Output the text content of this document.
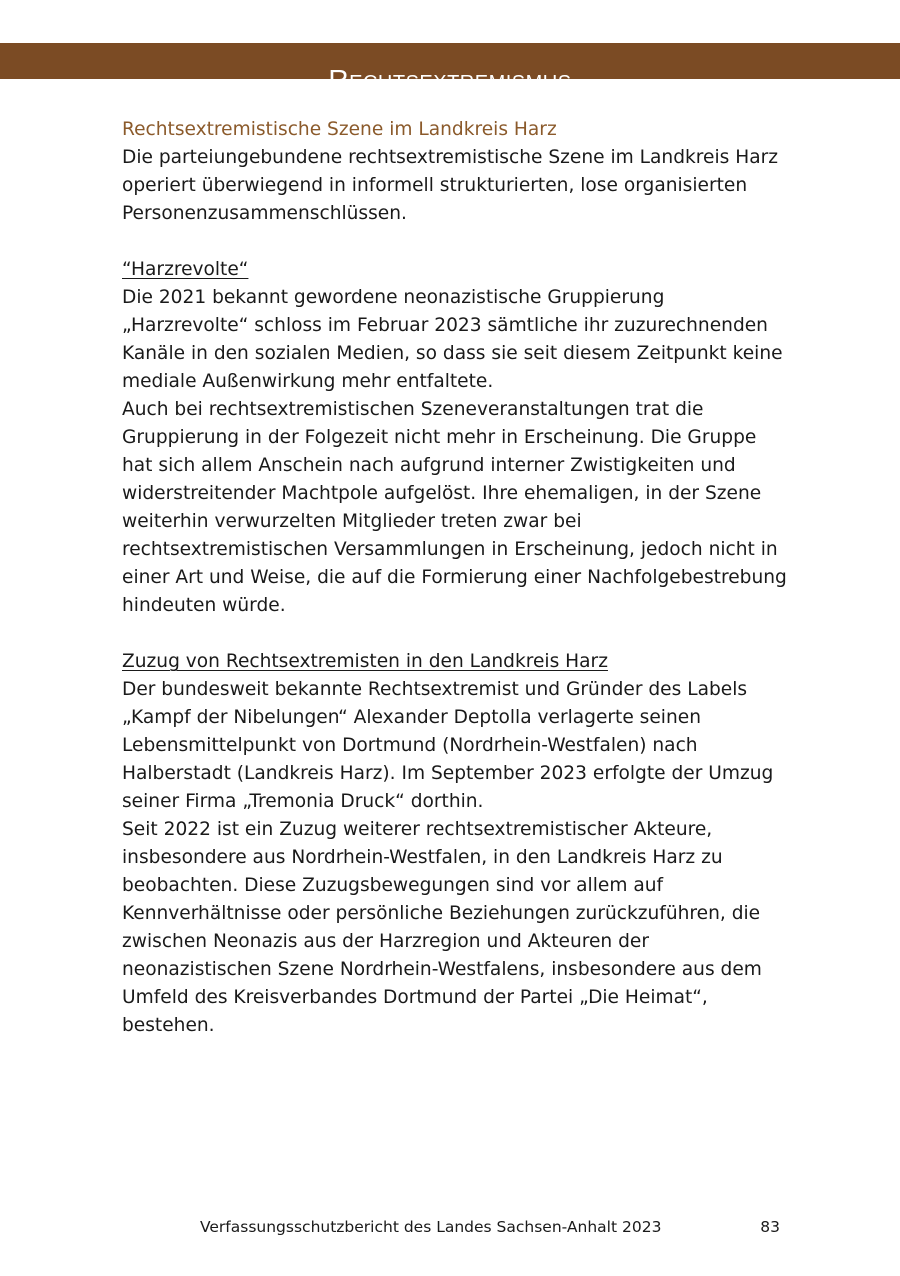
Rechtsextremismus
Rechtsextremistische Szene im Landkreis Harz

Die parteiungebundene rechtsextremistische Szene im Landkreis Harz operiert überwiegend in informell strukturierten, lose organisierten Personenzusammenschlüssen.

“Harzrevolte“

Die 2021 bekannt gewordene neonazistische Gruppierung „Harzrevolte“ schloss im Februar 2023 sämtliche ihr zuzurechnenden Kanäle in den sozialen Medien, so dass sie seit diesem Zeitpunkt keine mediale Außenwirkung mehr entfaltete.

Auch bei rechtsextremistischen Szeneveranstaltungen trat die Gruppierung in der Folgezeit nicht mehr in Erscheinung. Die Gruppe hat sich allem Anschein nach aufgrund interner Zwistigkeiten und widerstreitender Machtpole aufgelöst. Ihre ehemaligen, in der Szene weiterhin verwurzelten Mitglieder treten zwar bei rechtsextremistischen Versammlungen in Erscheinung, jedoch nicht in einer Art und Weise, die auf die Formierung einer Nachfolgebestrebung hindeuten würde.

Zuzug von Rechtsextremisten in den Landkreis Harz

Der bundesweit bekannte Rechtsextremist und Gründer des Labels „Kampf der Nibelungen“ Alexander Deptolla verlagerte seinen Lebensmittelpunkt von Dortmund (Nordrhein-Westfalen) nach Halberstadt (Landkreis Harz). Im September 2023 erfolgte der Umzug seiner Firma „Tremonia Druck“ dorthin.

Seit 2022 ist ein Zuzug weiterer rechtsextremistischer Akteure, insbesondere aus Nordrhein-Westfalen, in den Landkreis Harz zu beobachten. Diese Zuzugsbewegungen sind vor allem auf Kennverhältnisse oder persönliche Beziehungen zurückzuführen, die zwischen Neonazis aus der Harzregion und Akteuren der neonazistischen Szene Nordrhein-Westfalens, insbesondere aus dem Umfeld des Kreisverbandes Dortmund der Partei „Die Heimat“, bestehen.

Verfassungsschutzbericht des Landes Sachsen-Anhalt 2023	83
